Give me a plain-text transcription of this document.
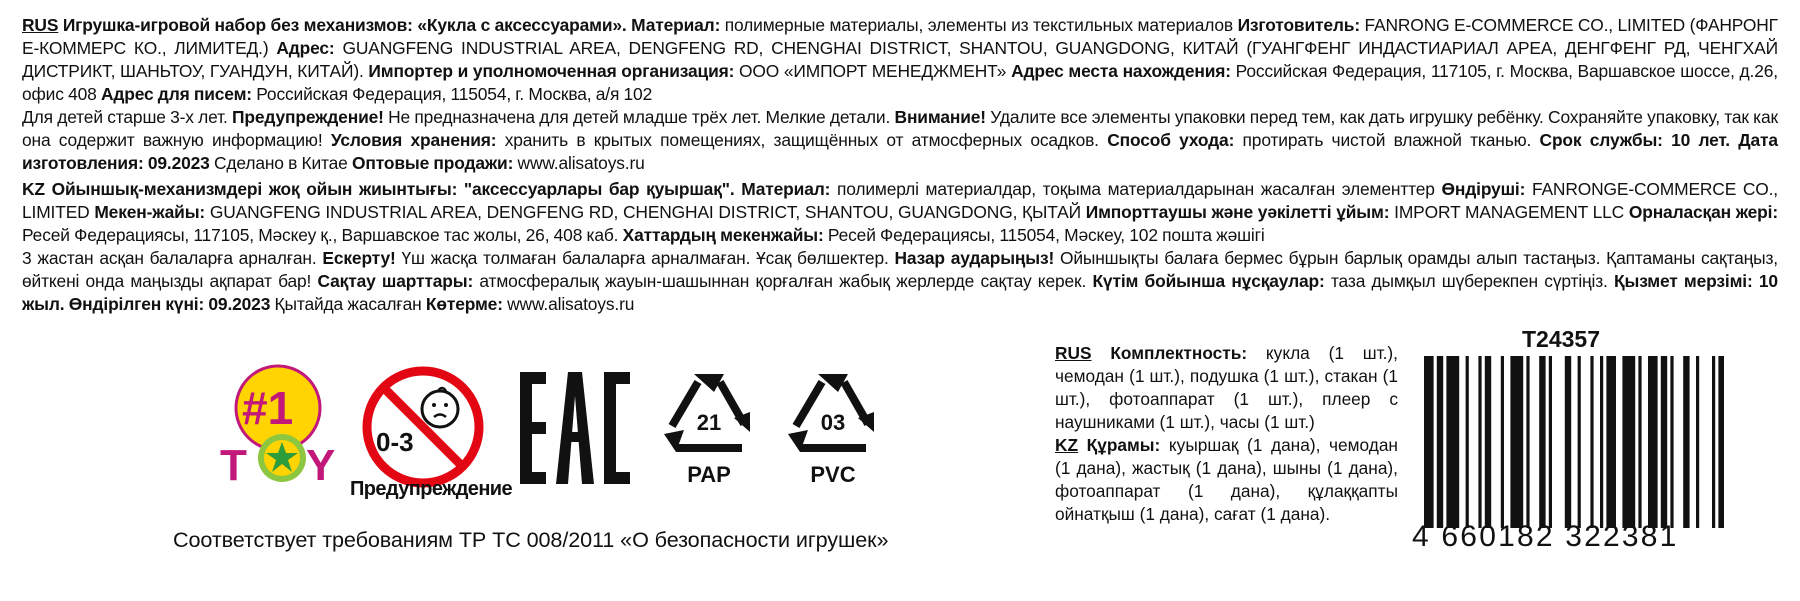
RUS Игрушка-игровой набор без механизмов: «Кукла с аксессуарами». Материал: полимерные материалы, элементы из текстильных материалов Изготовитель: FANRONG E-COMMERCE CO., LIMITED (ФАНРОНГ Е-КОММЕРС КО., ЛИМИТЕД.) Адрес: GUANGFENG INDUSTRIAL AREA, DENGFENG RD, CHENGHAI DISTRICT, SHANTOU, GUANGDONG, КИТАЙ (ГУАНГФЕНГ ИНДАСТИАРИАЛ АРЕА, ДЕНГФЕНГ РД, ЧЕНГХАЙ ДИСТРИКТ, ШАНЬТОУ, ГУАНДУН, КИТАЙ). Импортер и уполномоченная организация: ООО «ИМПОРТ МЕНЕДЖМЕНТ» Адрес места нахождения: Российская Федерация, 117105, г. Москва, Варшавское шоссе, д.26, офис 408 Адрес для писем: Российская Федерация, 115054, г. Москва, а/я 102
Для детей старше 3-х лет. Предупреждение! Не предназначена для детей младше трёх лет. Мелкие детали. Внимание! Удалите все элементы упаковки перед тем, как дать игрушку ребёнку. Сохраняйте упаковку, так как она содержит важную информацию! Условия хранения: хранить в крытых помещениях, защищённых от атмосферных осадков. Способ ухода: протирать чистой влажной тканью. Срок службы: 10 лет. Дата изготовления: 09.2023 Сделано в Китае Оптовые продажи: www.alisatoys.ru
KZ Ойыншық-механизмдері жоқ ойын жиынтығы: "аксессуарлары бар қуыршақ". Материал: полимерлі материалдар, тоқыма материалдарынан жасалған элементтер Өндіруші: FANRONGE-COMMERCE CO., LIMITED Мекен-жайы: GUANGFENG INDUSTRIAL AREA, DENGFENG RD, CHENGHAI DISTRICT, SHANTOU, GUANGDONG, ҚЫТАЙ Импорттаушы және уәкілетті ұйым: IMPORT MANAGEMENT LLC Орналасқан жері: Ресей Федерациясы, 117105, Мәскеу қ., Варшавское тас жолы, 26, 408 каб. Хаттардың мекенжайы: Ресей Федерациясы, 115054, Мәскеу, 102 пошта жәшігі
3 жастан асқан балаларға арналған. Ескерту! Үш жасқа толмаған балаларға арналмаған. Ұсақ бөлшектер. Назар аударыңыз! Ойыншықты балаға бермес бұрын барлық орамды алып тастаңыз. Қаптаманы сақтаңыз, өйткені онда маңызды ақпарат бар! Сақтау шарттары: атмосфералық жауын-шашыннан қорғалған жабық жерлерде сақтау керек. Күтім бойынша нұсқаулар: таза дымқыл шүберекпен сүртіңіз. Қызмет мерзімі: 10 жыл. Өндірілген күні: 09.2023 Қытайда жасалған Көтерме: www.alisatoys.ru
#1
T Y 0-3
Предупреждение
21
PAP
03
PVC
Соответствует требованиям ТР ТС 008/2011 «О безопасности игрушек»
RUS Комплектность: кукла (1 шт.), чемодан (1 шт.), подушка (1 шт.), стакан (1 шт.), фотоаппарат (1 шт.), плеер с наушниками (1 шт.), часы (1 шт.)
KZ Құрамы: куыршақ (1 дана), чемодан (1 дана), жастық (1 дана), шыны (1 дана), фотоаппарат (1 дана), құлаққапты ойнатқыш (1 дана), сағат (1 дана).
T24357
4 660182 322381
